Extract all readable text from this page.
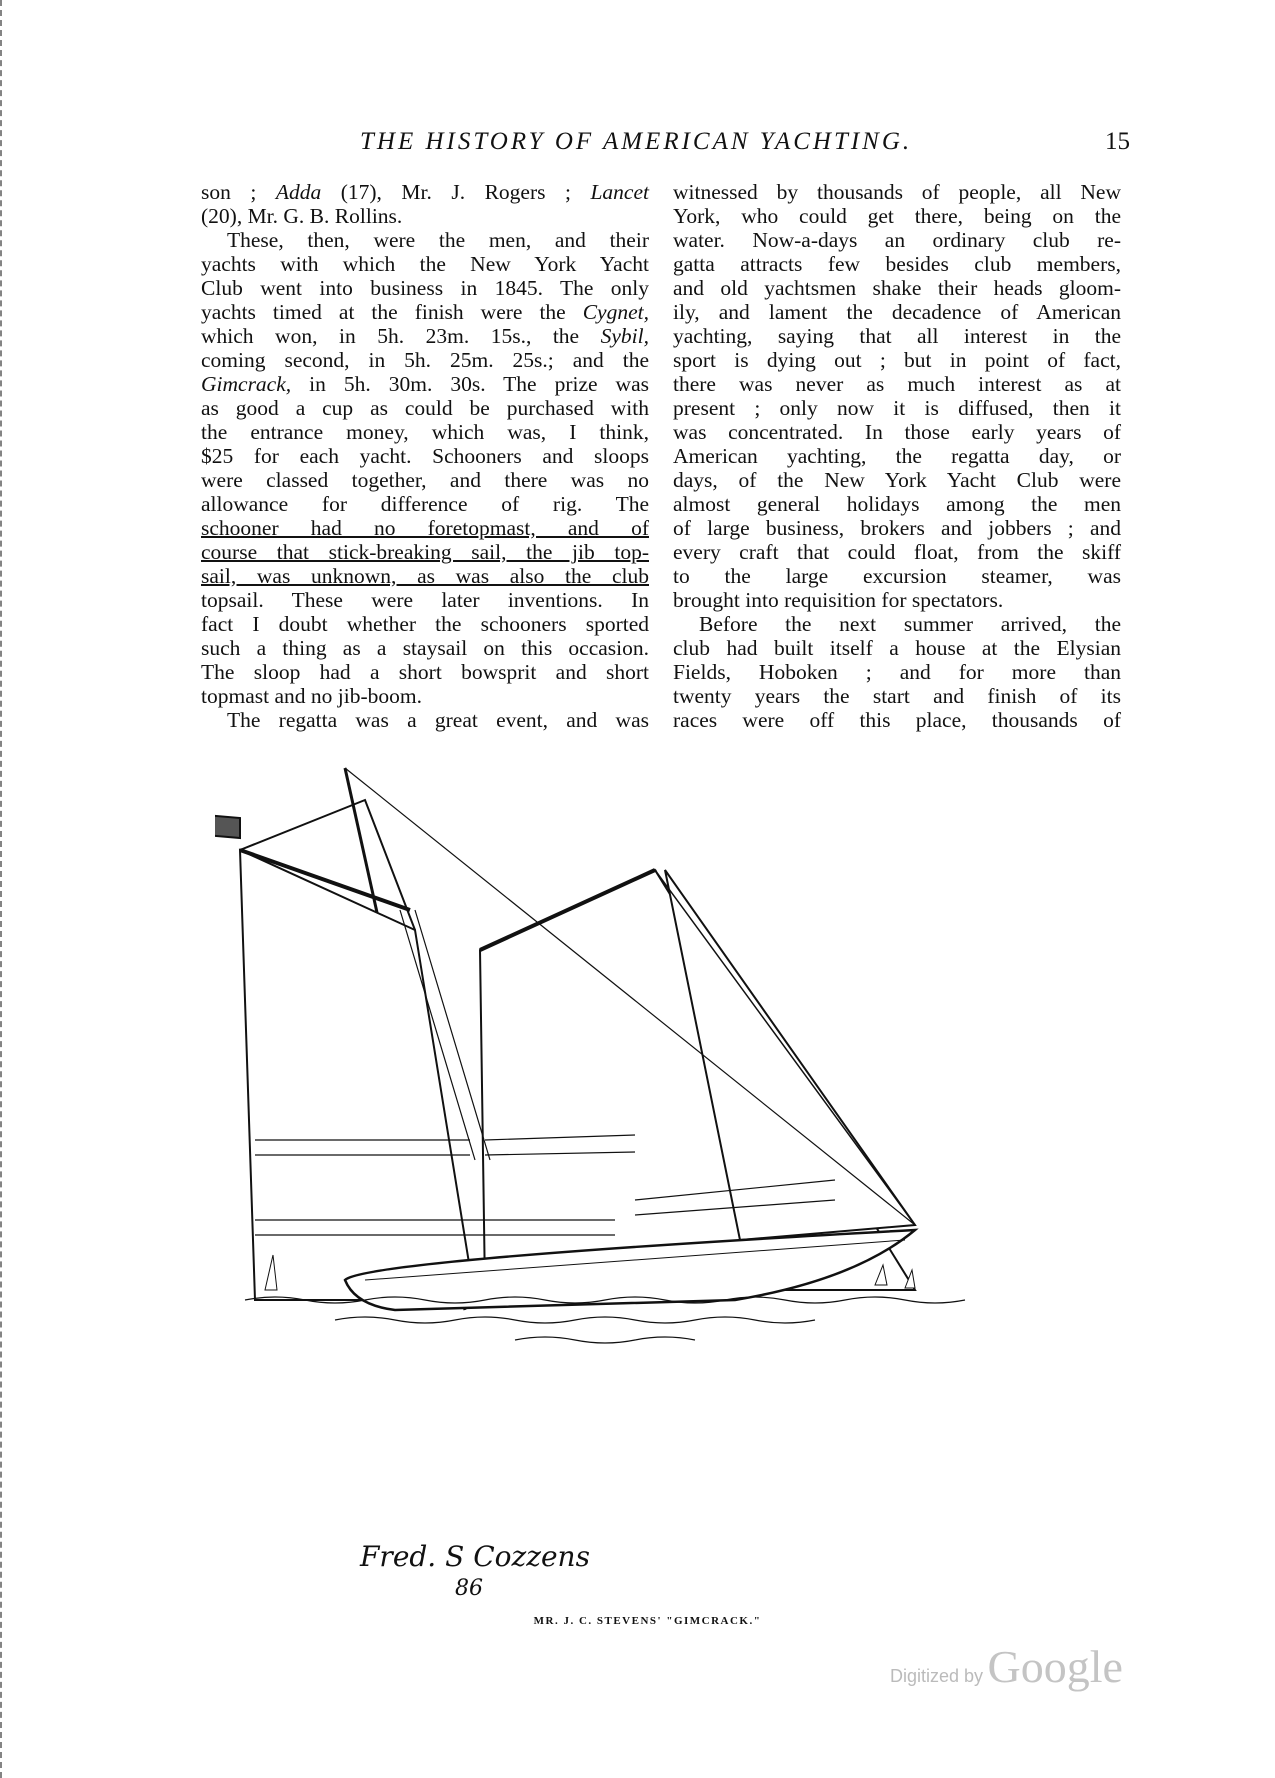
THE HISTORY OF AMERICAN YACHTING.	15
son ; Adda (17), Mr. J. Rogers ; Lancet
(20), Mr. G. B. Rollins.
These, then, were the men, and their
yachts with which the New York Yacht
Club went into business in 1845. The only
yachts timed at the finish were the Cygnet,
which won, in 5h. 23m. 15s., the Sybil,
coming second, in 5h. 25m. 25s.; and the
Gimcrack, in 5h. 30m. 30s. The prize was
as good a cup as could be purchased with
the entrance money, which was, I think,
$25 for each yacht. Schooners and sloops
were classed together, and there was no
allowance for difference of rig. The
schooner had no foretopmast, and of
course that stick-breaking sail, the jib top-
sail, was unknown, as was also the club
topsail. These were later inventions. In
fact I doubt whether the schooners sported
such a thing as a staysail on this occasion.
The sloop had a short bowsprit and short
topmast and no jib-boom.
The regatta was a great event, and was
witnessed by thousands of people, all New
York, who could get there, being on the
water. Now-a-days an ordinary club re-
gatta attracts few besides club members,
and old yachtsmen shake their heads gloom-
ily, and lament the decadence of American
yachting, saying that all interest in the
sport is dying out ; but in point of fact,
there was never as much interest as at
present ; only now it is diffused, then it
was concentrated. In those early years of
American yachting, the regatta day, or
days, of the New York Yacht Club were
almost general holidays among the men
of large business, brokers and jobbers ; and
every craft that could float, from the skiff
to the large excursion steamer, was
brought into requisition for spectators.
Before the next summer arrived, the
club had built itself a house at the Elysian
Fields, Hoboken ; and for more than
twenty years the start and finish of its
races were off this place, thousands of
Fred. S Cozzens
86
MR. J. C. STEVENS' "GIMCRACK."
Digitized by Google
